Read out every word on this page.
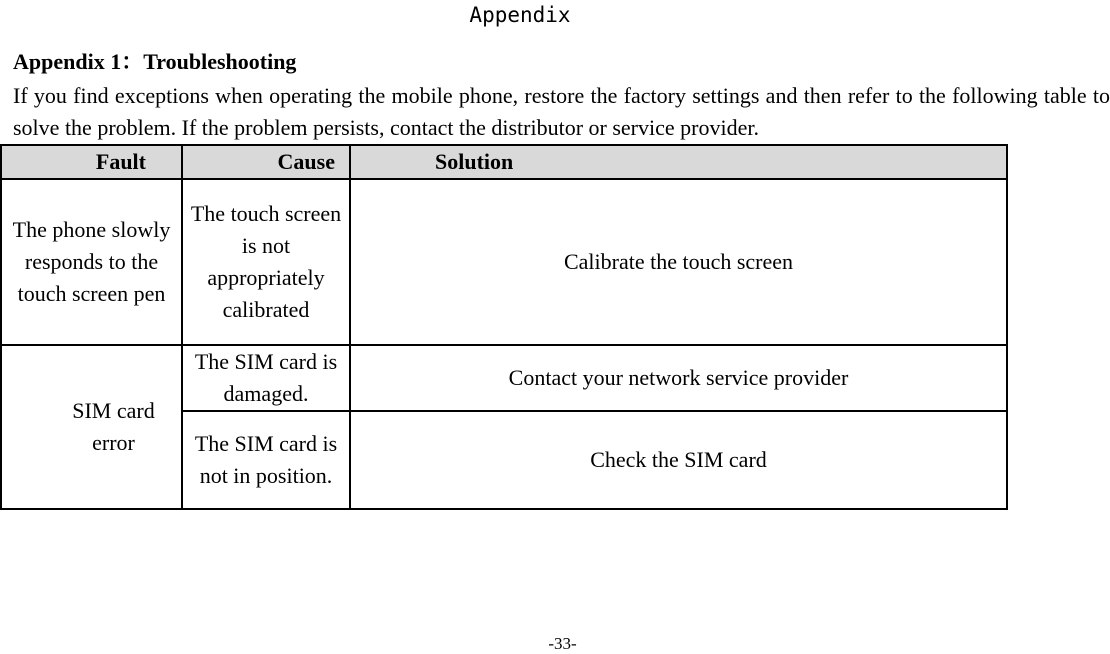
Appendix
Appendix 1：Troubleshooting
If you find exceptions when operating the mobile phone, restore the factory settings and then refer to the following table to solve the problem. If the problem persists, contact the distributor or service provider.
Fault	Cause	Solution
The phone slowly responds to the touch screen pen	The touch screen is not appropriately calibrated	Calibrate the touch screen
SIM card error	The SIM card is damaged.	Contact your network service provider
	The SIM card is not in position.	Check the SIM card
-33-
